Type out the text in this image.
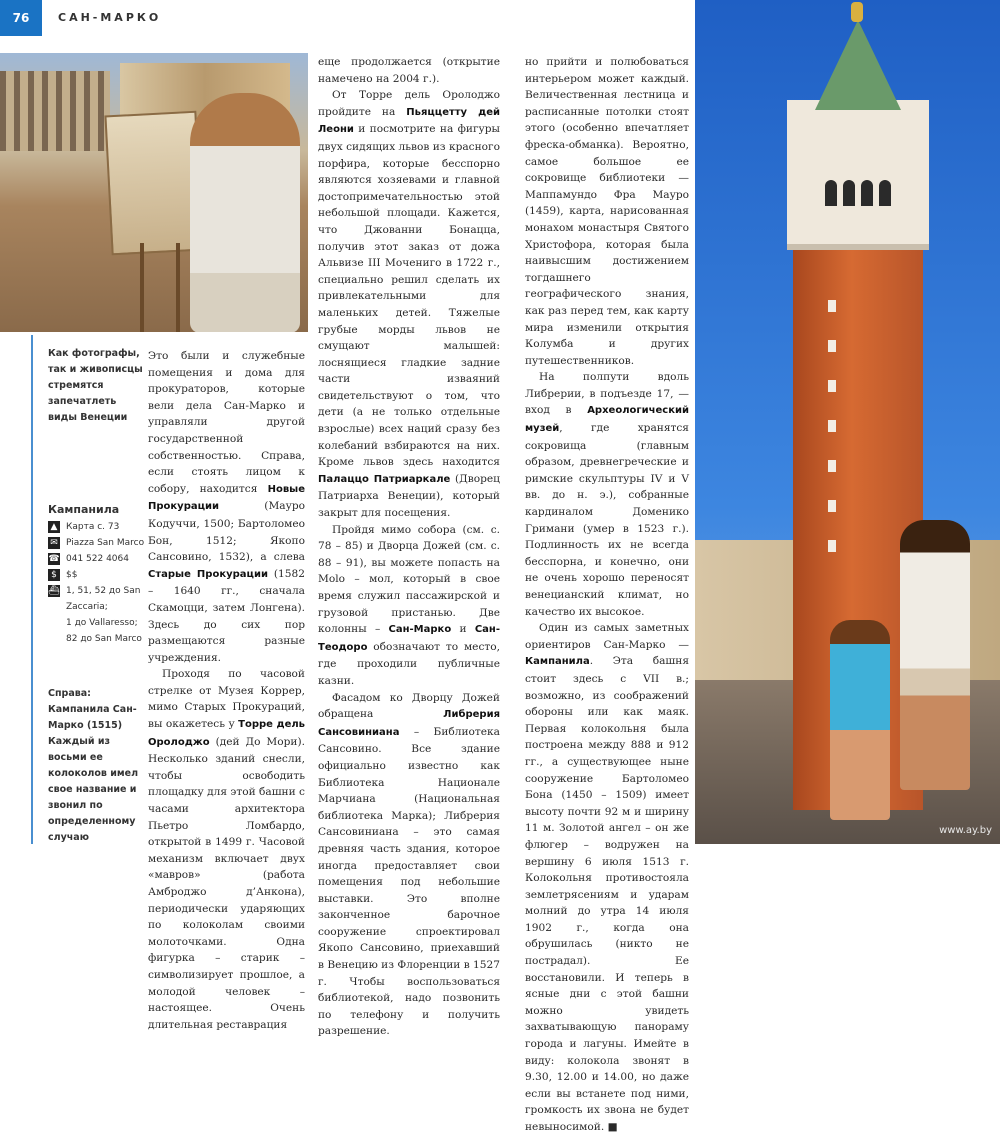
76	САН-МАРКО
Как фотографы, так и живописцы стремятся запечатлеть виды Венеции
Кампанила
▲ Карта с. 73
✉ Piazza San Marco
☎ 041 522 4064
$	$$
⛴ 1, 51, 52 до San
Zaccaria;
1 до Vallaresso;
82 до San Marco
Справа: Кампанила Сан-Марко (1515)
Каждый из восьми ее колоколов имел свое название и звонил по определенному случаю

Это были и служебные помещения и дома для прокураторов, которые вели дела Сан-Марко и управляли другой государственной собственностью. Справа, если стоять лицом к собору, находится Новые Прокурации (Мауро Кодуччи, 1500; Бартоломео Бон, 1512; Якопо Сансовино, 1532), а слева Старые Прокурации (1582 – 1640 гг., сначала Скамоцци, затем Лонгена). Здесь до сих пор размещаются разные учреждения.

Проходя по часовой стрелке от Музея Коррер, мимо Старых Прокураций, вы окажетесь у Торре дель Оролоджо (дей До Мори). Несколько зданий снесли, чтобы освободить площадку для этой башни с часами архитектора Пьетро Ломбардо, открытой в 1499 г. Часовой механизм включает двух «мавров» (работа Амброджо д’Анкона), периодически ударяющих по колоколам своими молоточками. Одна фигурка – старик – символизирует прошлое, а молодой человек – настоящее. Очень длительная реставрация

еще продолжается (открытие намечено на 2004 г.).

От Торре дель Оролоджо пройдите на Пьяццетту дей Леони и посмотрите на фигуры двух сидящих львов из красного порфира, которые бесспорно являются хозяевами и главной достопримечательностью этой небольшой площади. Кажется, что Джованни Бонацца, получив этот заказ от дожа Альвизе III Мочениго в 1722 г., специально решил сделать их привлекательными для маленьких детей. Тяжелые грубые морды львов не смущают малышей: лоснящиеся гладкие задние части изваяний свидетельствуют о том, что дети (а не только отдельные взрослые) всех наций сразу без колебаний взбираются на них. Кроме львов здесь находится Палаццо Патриаркале (Дворец Патриарха Венеции), который закрыт для посещения.

Пройдя мимо собора (см. с. 78 – 85) и Дворца Дожей (см. с. 88 – 91), вы можете попасть на Molo – мол, который в свое время служил пассажирской и грузовой пристанью. Две колонны – Сан-Марко и Сан-Теодоро обозначают то место, где проходили публичные казни.

Фасадом ко Дворцу Дожей обращена Либрерия Сансовиниана – Библиотека Сансовино. Все здание официально известно как Библиотека Национале Марчиана (Национальная библиотека Марка); Либрерия Сансовиниана – это самая древняя часть здания, которое иногда предоставляет свои помещения под небольшие выставки. Это вполне законченное барочное сооружение спроектировал Якопо Сансовино, приехавший в Венецию из Флоренции в 1527 г. Чтобы воспользоваться библиотекой, надо позвонить по телефону и получить разрешение.

но прийти и полюбоваться интерьером может каждый. Величественная лестница и расписанные потолки стоят этого (особенно впечатляет фреска-обманка). Вероятно, самое большое ее сокровище библиотеки — Маппамундо Фра Мауро (1459), карта, нарисованная монахом монастыря Святого Христофора, которая была наивысшим достижением тогдашнего географического знания, как раз перед тем, как карту мира изменили открытия Колумба и других путешественников.

На полпути вдоль Либрерии, в подъезде 17, — вход в Археологический музей, где хранятся сокровища (главным образом, древнегреческие и римские скульптуры IV и V вв. до н. э.), собранные кардиналом Доменико Гримани (умер в 1523 г.). Подлинность их не всегда бесспорна, и конечно, они не очень хорошо переносят венецианский климат, но качество их высокое.

Один из самых заметных ориентиров Сан-Марко — Кампанила. Эта башня стоит здесь с VII в.; возможно, из соображений обороны или как маяк. Первая колокольня была построена между 888 и 912 гг., а существующее ныне сооружение Бартоломео Бона (1450 – 1509) имеет высоту почти 92 м и ширину 11 м. Золотой ангел – он же флюгер – водружен на вершину 6 июля 1513 г. Колокольня противостояла землетрясениям и ударам молний до утра 14 июля 1902 г., когда она обрушилась (никто не пострадал). Ее восстановили. И теперь в ясные дни с этой башни можно увидеть захватывающую панораму города и лагуны. Имейте в виду: колокола звонят в 9.30, 12.00 и 14.00, но даже если вы встанете под ними, громкость их звона не будет невыносимой. ■

www.ay.by
